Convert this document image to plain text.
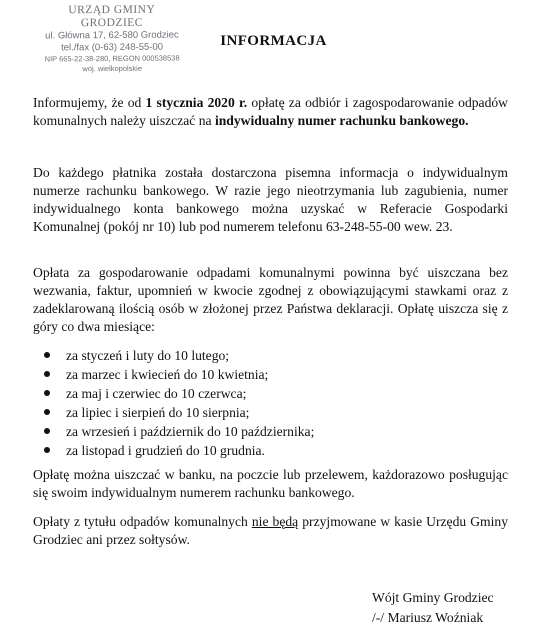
URZĄD GMINY GRODZIEC
ul. Główna 17, 62-580 Grodziec
tel./fax (0-63) 248-55-00
NIP 665-22-38-280, REGON 000538538
woj. wielkopolskie
INFORMACJA

Informujemy, że od 1 stycznia 2020 r. opłatę za odbiór i zagospodarowanie odpadów komunalnych należy uiszczać na indywidualny numer rachunku bankowego.

Do każdego płatnika została dostarczona pisemna informacja o indywidualnym numerze rachunku bankowego. W razie jego nieotrzymania lub zagubienia, numer indywidualnego konta bankowego można uzyskać w Referacie Gospodarki Komunalnej (pokój nr 10) lub pod numerem telefonu 63-248-55-00 wew. 23.

Opłata za gospodarowanie odpadami komunalnymi powinna być uiszczana bez wezwania, faktur, upomnień w kwocie zgodnej z obowiązującymi stawkami oraz z zadeklarowaną ilością osób w złożonej przez Państwa deklaracji. Opłatę uiszcza się z góry co dwa miesiące:

za styczeń i luty do 10 lutego;
za marzec i kwiecień do 10 kwietnia;
za maj i czerwiec do 10 czerwca;
za lipiec i sierpień do 10 sierpnia;
za wrzesień i październik do 10 października;
za listopad i grudzień do 10 grudnia.

Opłatę można uiszczać w banku, na poczcie lub przelewem, każdorazowo posługując się swoim indywidualnym numerem rachunku bankowego.

Opłaty z tytułu odpadów komunalnych nie będą przyjmowane w kasie Urzędu Gminy Grodziec ani przez sołtysów.

Wójt Gminy Grodziec
/-/ Mariusz Woźniak
